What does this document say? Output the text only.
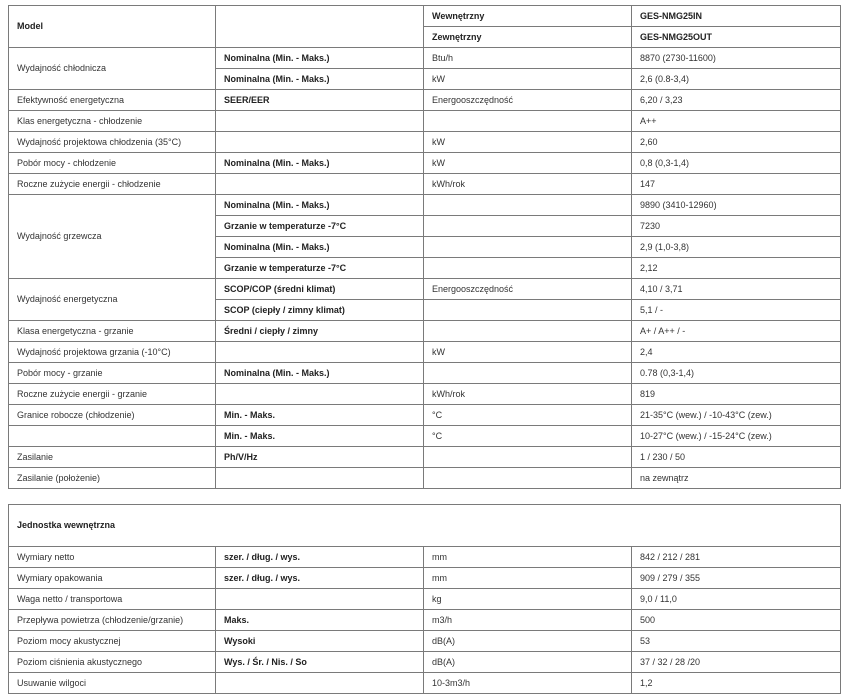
Model		Wewnętrzny	GES-NMG25IN
		Zewnętrzny	GES-NMG25OUT
Wydajność chłodnicza	Nominalna (Min. - Maks.)	Btu/h	8870 (2730-11600)
	Nominalna (Min. - Maks.)	kW	2,6 (0.8-3,4)
Efektywność energetyczna	SEER/EER	Energooszczędność	6,20 / 3,23
Klas energetyczna - chłodzenie			A++
Wydajność projektowa chłodzenia (35°C)		kW	2,60
Pobór mocy - chłodzenie	Nominalna (Min. - Maks.)	kW	0,8 (0,3-1,4)
Roczne zużycie energii - chłodzenie		kWh/rok	147
Wydajność grzewcza	Nominalna (Min. - Maks.)		9890 (3410-12960)
	Grzanie w temperaturze -7°C		7230
	Nominalna (Min. - Maks.)		2,9 (1,0-3,8)
	Grzanie w temperaturze -7°C		2,12
Wydajność energetyczna	SCOP/COP (średni klimat)	Energooszczędność	4,10 / 3,71
	SCOP (ciepły / zimny klimat)		5,1 / -
Klasa energetyczna - grzanie	Średni / ciepły / zimny		A+ / A++ / -
Wydajność projektowa grzania (-10°C)		kW	2,4
Pobór mocy - grzanie	Nominalna (Min. - Maks.)		0.78 (0,3-1,4)
Roczne zużycie energii - grzanie		kWh/rok	819
Granice robocze (chłodzenie)	Min. - Maks.	°C	21-35°C (wew.) / -10-43°C (zew.)
	Min. - Maks.	°C	10-27°C (wew.) / -15-24°C (zew.)
Zasilanie	Ph/V/Hz		1 / 230 / 50
Zasilanie (położenie)			na zewnątrz
Jednostka wewnętrzna			
Wymiary netto	szer. / dług. / wys.	mm	842 / 212 / 281
Wymiary opakowania	szer. / dług. / wys.	mm	909 / 279 / 355
Waga netto / transportowa		kg	9,0 / 11,0
Przepływa powietrza (chłodzenie/grzanie)	Maks.	m3/h	500
Poziom mocy akustycznej	Wysoki	dB(A)	53
Poziom ciśnienia akustycznego	Wys. / Śr. / Nis. / So	dB(A)	37 / 32 / 28 /20
Usuwanie wilgoci		10-3m3/h	1,2
